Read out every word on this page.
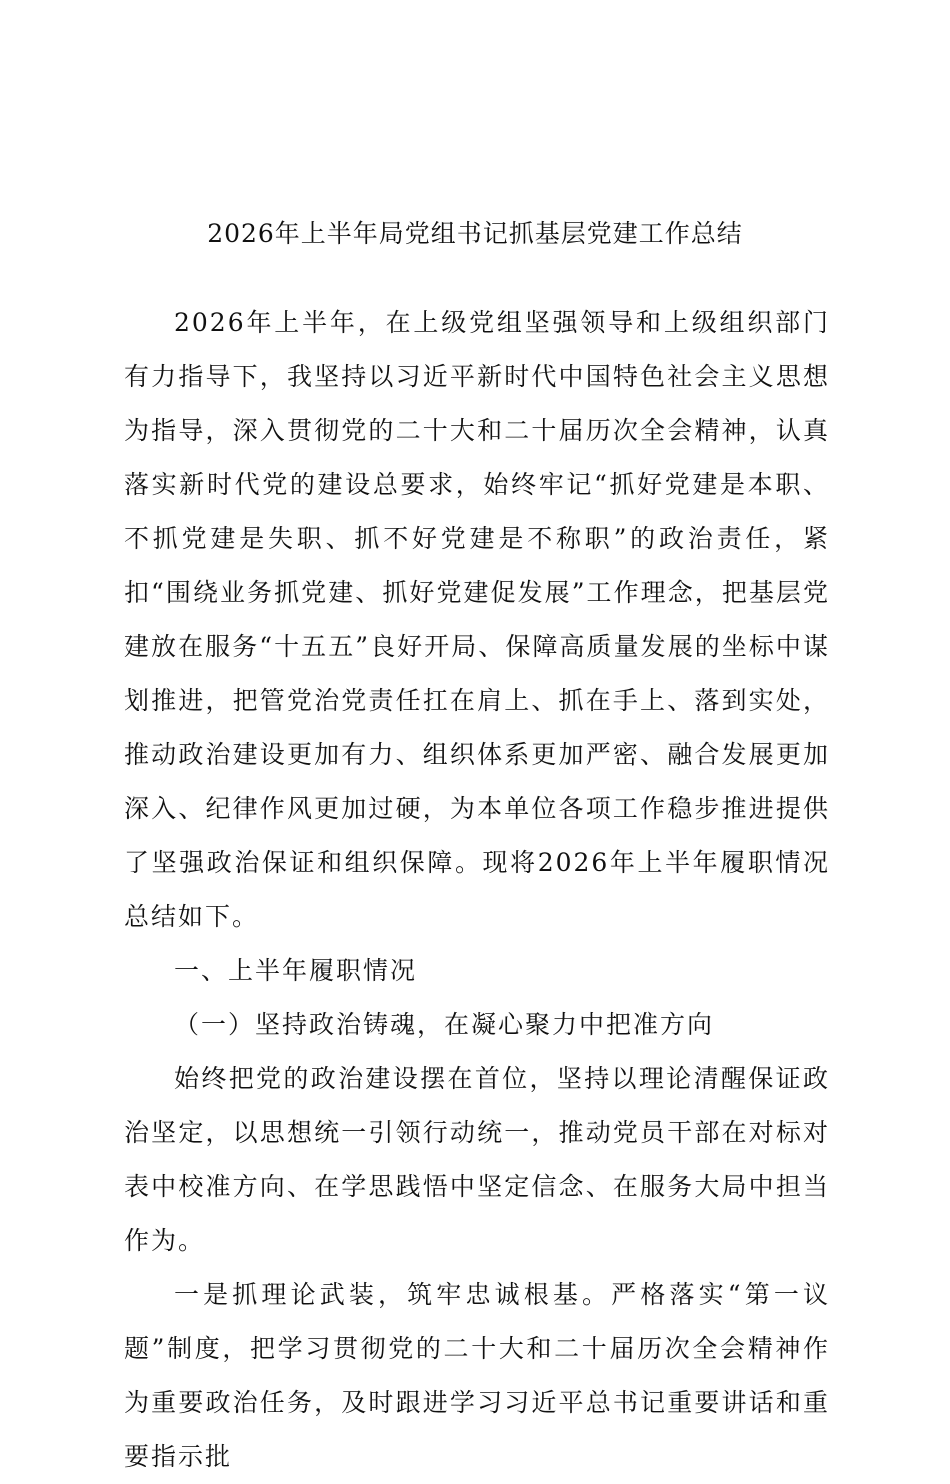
2026年上半年局党组书记抓基层党建工作总结

2026年上半年，在上级党组坚强领导和上级组织部门有力指导下，我坚持以习近平新时代中国特色社会主义思想为指导，深入贯彻党的二十大和二十届历次全会精神，认真落实新时代党的建设总要求，始终牢记“抓好党建是本职、不抓党建是失职、抓不好党建是不称职”的政治责任，紧扣“围绕业务抓党建、抓好党建促发展”工作理念，把基层党建放在服务“十五五”良好开局、保障高质量发展的坐标中谋划推进，把管党治党责任扛在肩上、抓在手上、落到实处，推动政治建设更加有力、组织体系更加严密、融合发展更加深入、纪律作风更加过硬，为本单位各项工作稳步推进提供了坚强政治保证和组织保障。现将2026年上半年履职情况总结如下。

一、上半年履职情况

（一）坚持政治铸魂，在凝心聚力中把准方向

始终把党的政治建设摆在首位，坚持以理论清醒保证政治坚定，以思想统一引领行动统一，推动党员干部在对标对表中校准方向、在学思践悟中坚定信念、在服务大局中担当作为。

一是抓理论武装，筑牢忠诚根基。严格落实“第一议题”制度，把学习贯彻党的二十大和二十届历次全会精神作为重要政治任务，及时跟进学习习近平总书记重要讲话和重要指示批
